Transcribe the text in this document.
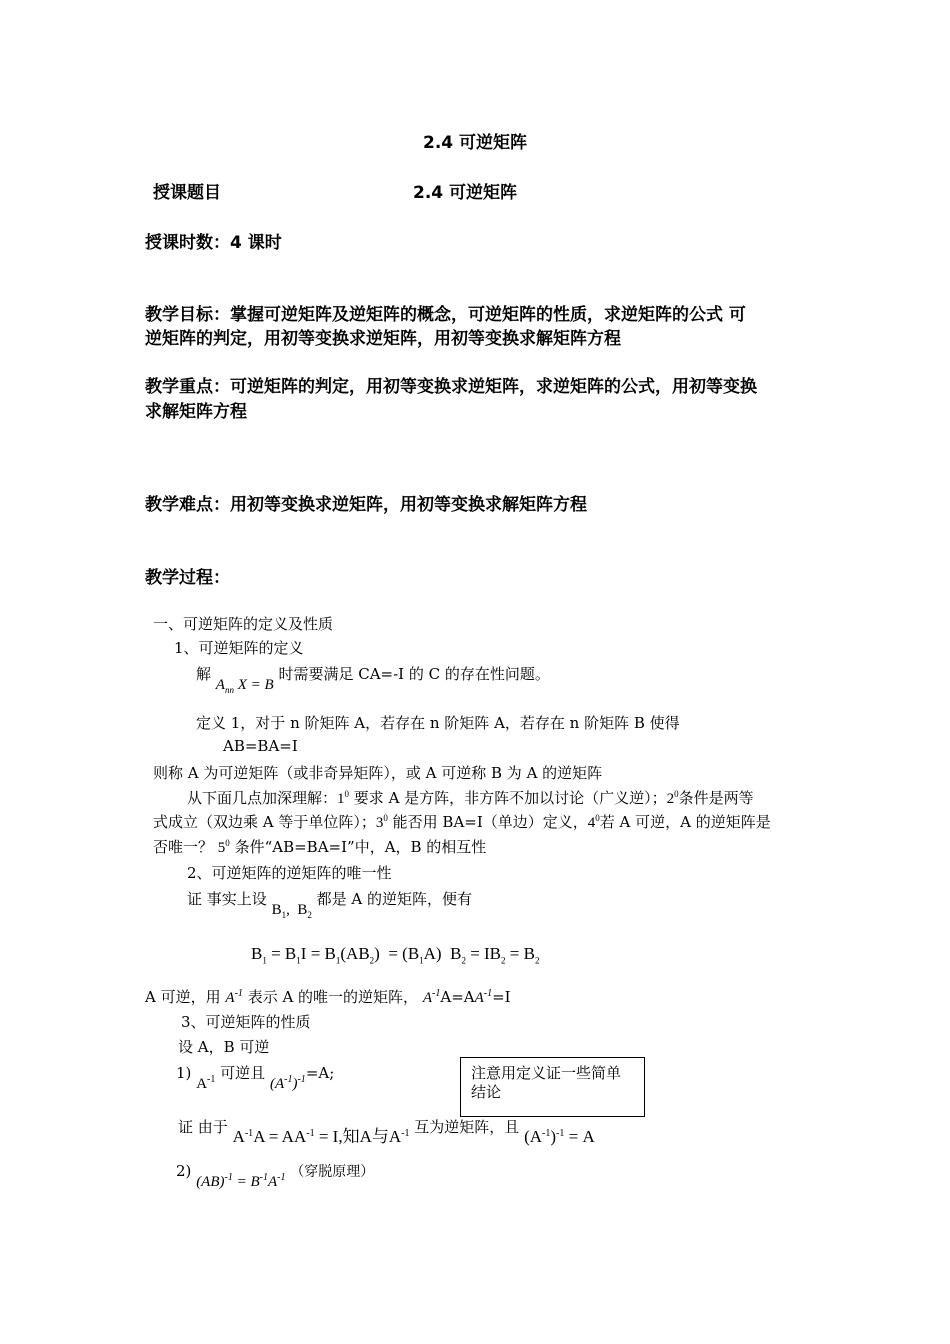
2.4 可逆矩阵
授课题目	2.4 可逆矩阵
授课时数：4 课时
教学目标：掌握可逆矩阵及逆矩阵的概念，可逆矩阵的性质，求逆矩阵的公式 可
逆矩阵的判定，用初等变换求逆矩阵，用初等变换求解矩阵方程
教学重点：可逆矩阵的判定，用初等变换求逆矩阵，求逆矩阵的公式，用初等变换
求解矩阵方程
教学难点：用初等变换求逆矩阵，用初等变换求解矩阵方程
教学过程：
一、可逆矩阵的定义及性质
1、可逆矩阵的定义
解 $A_{nn}$ X = B 时需要满足 CA=-I 的 C 的存在性问题。
定义 1，对于 n 阶矩阵 A，若存在 n 阶矩阵 A，若存在 n 阶矩阵 B 使得
AB=BA=I
则称 A 为可逆矩阵（或非奇异矩阵），或 A 可逆称 B 为 A 的逆矩阵
从下面几点加深理解：$1^0$ 要求 A 是方阵，非方阵不加以讨论（广义逆）；$2^0$条件是两等
式成立（双边乘 A 等于单位阵）；$3^0$ 能否用 BA=I（单边）定义，$4^0$若 A 可逆，A 的逆矩阵是
否唯一？ $5^0$ 条件“AB=BA=I”中，A，B 的相互性
2、可逆矩阵的逆矩阵的唯一性
证 事实上设 $B_1$,  $B_2$ 都是 A 的逆矩阵，便有
$B_1 = B_1I = B_1(AB_2) = (B_1A) B_2 = IB_2 = B_2$
A 可逆，用 $A^{-1}$ 表示 A 的唯一的逆矩阵， $A^{-1}A=AA^{-1}=I$
3、可逆矩阵的性质
设 A，B 可逆
1) $A^{-1}$ 可逆且 $(A^{-1})^{-1}=A$;
证 由于 $A^{-1}A = AA^{-1} = I$,知A与$A^{-1}$ 互为逆矩阵，且 $(A^{-1})^{-1} = A$
注意用定义证一些简单结论
2) $(AB)^{-1} = B^{-1}A^{-1}$ （穿脱原理）
